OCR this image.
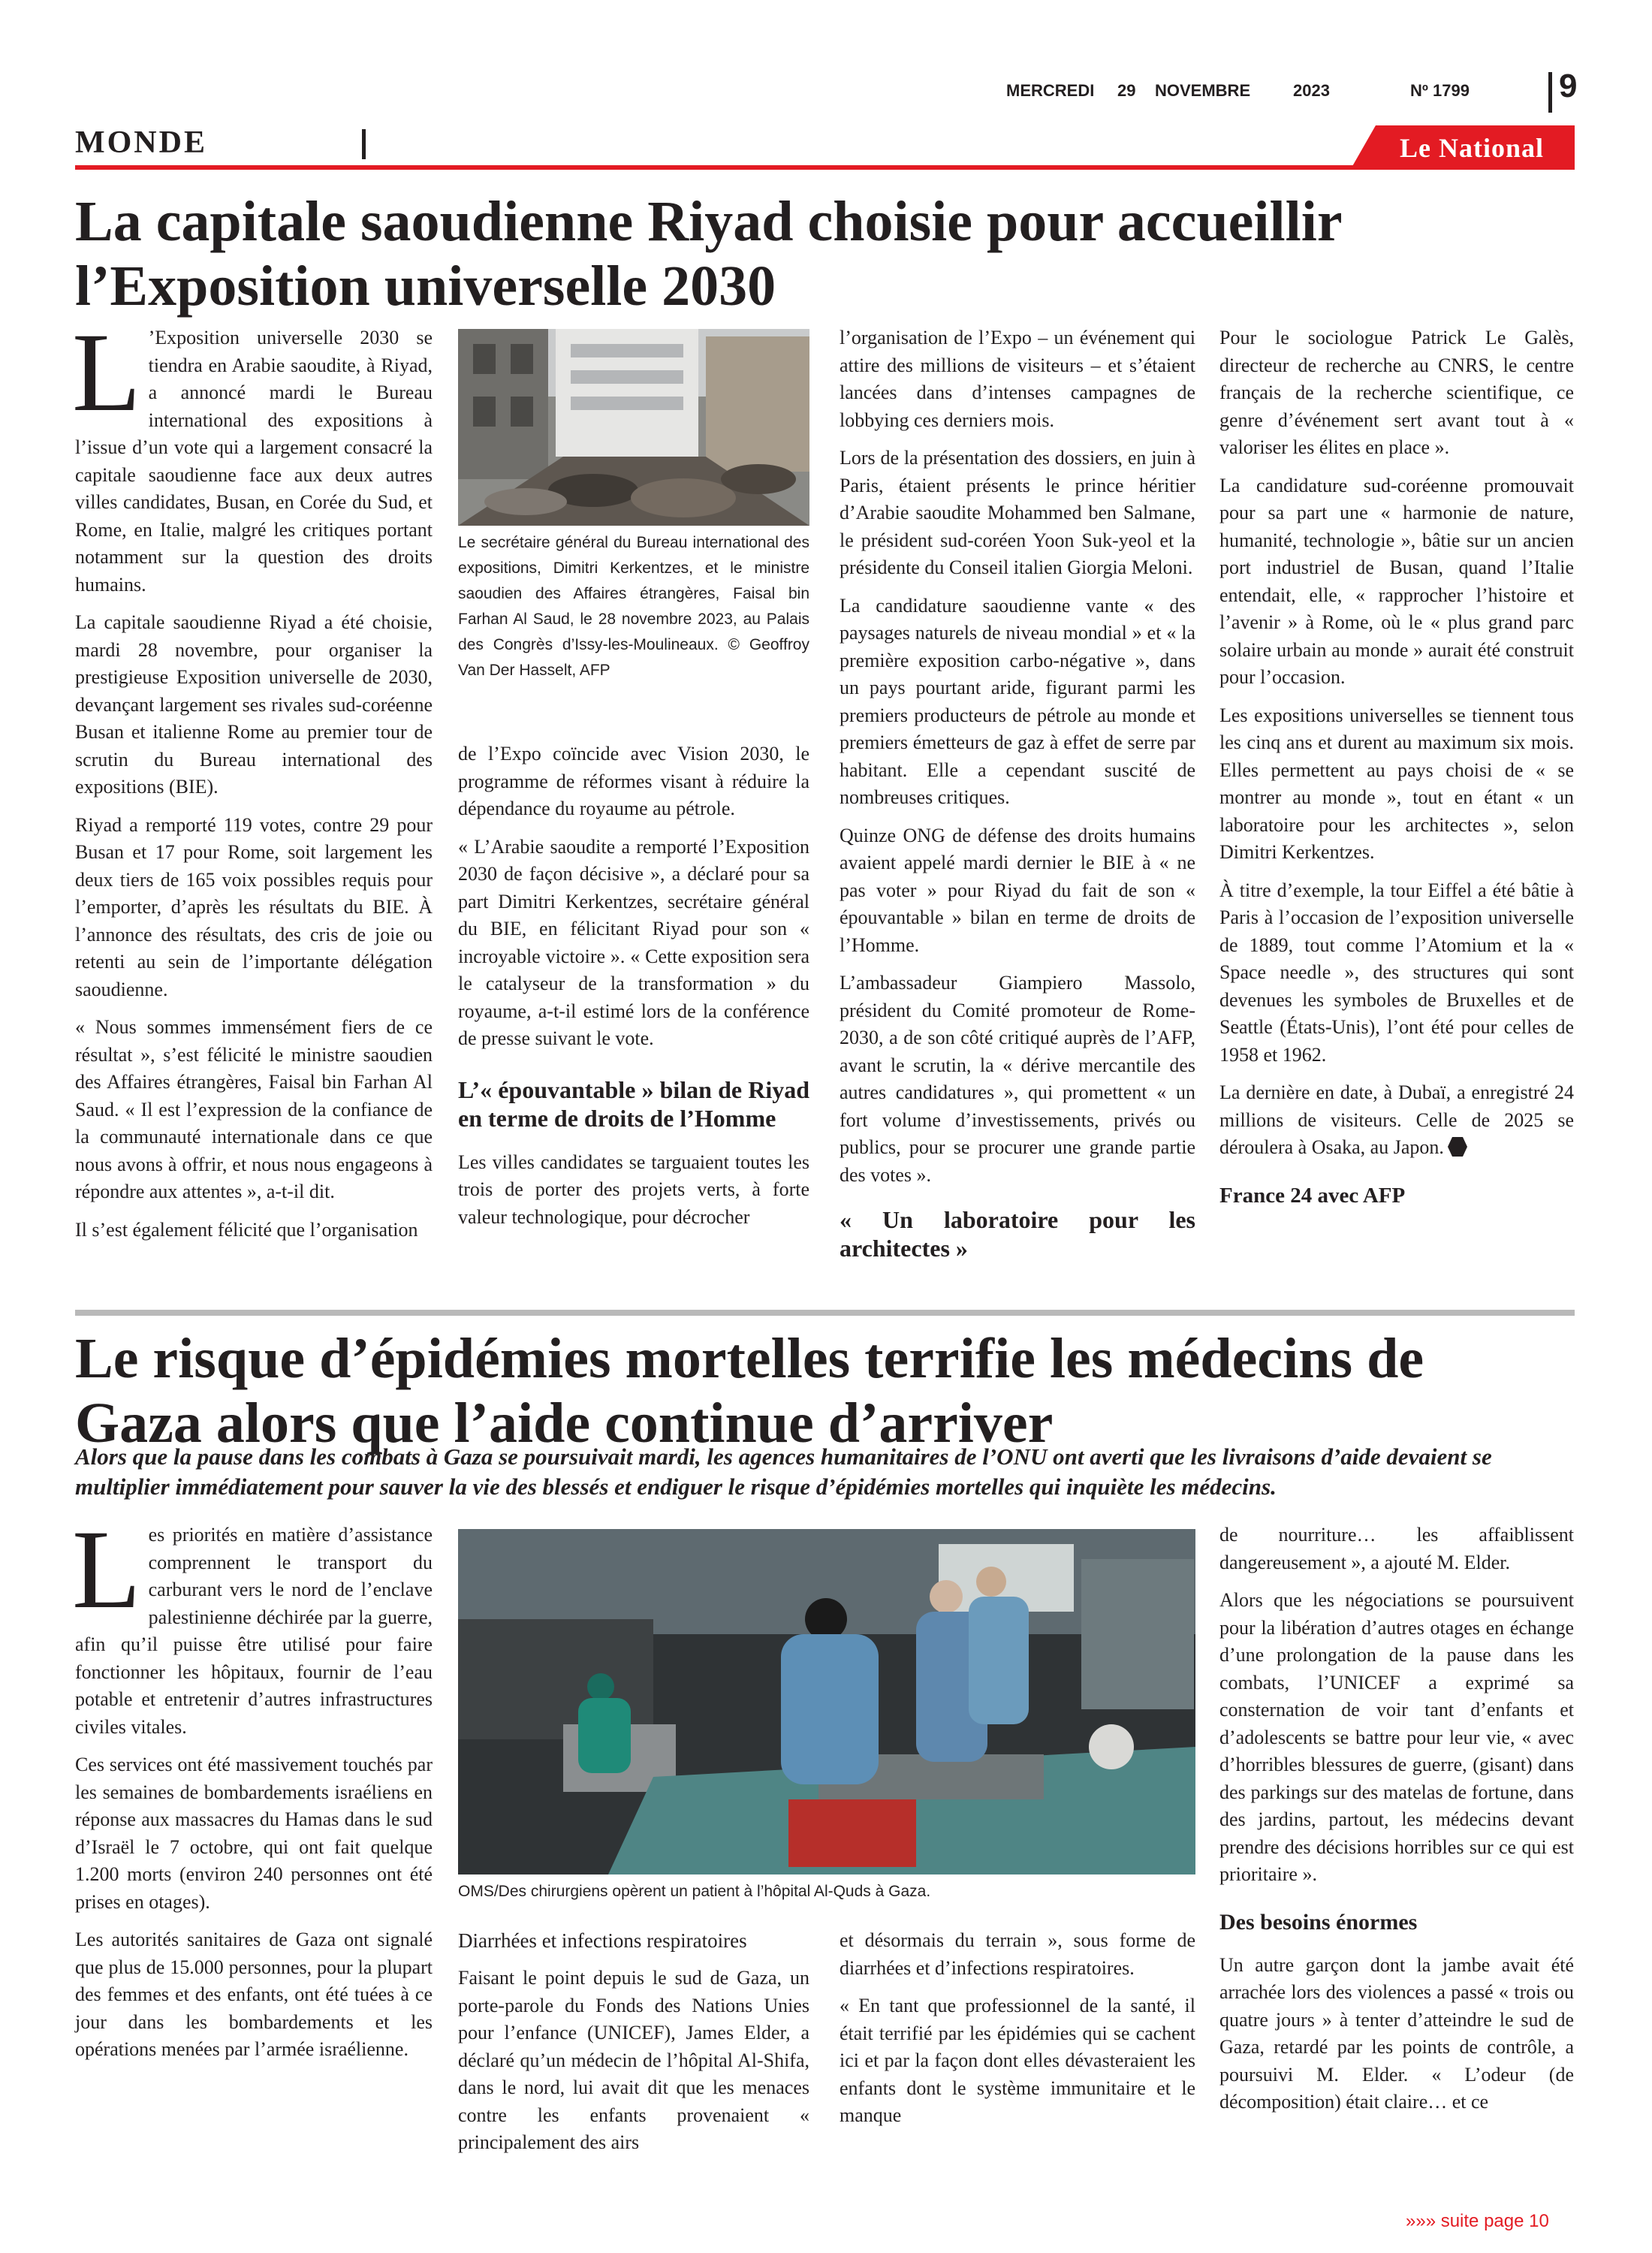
MERCREDI 29 NOVEMBRE	2023	Nº 1799	9
MONDE	Le National
La capitale saoudienne Riyad choisie pour accueillir
l’Exposition universelle 2030

L ’Exposition universelle 2030 se tiendra en Arabie saoudite, à Riyad, a annoncé mardi le Bureau international des expositions à l’issue d’un vote qui a largement consacré la capitale saoudienne face aux deux autres villes candidates, Busan, en Corée du Sud, et Rome, en Italie, malgré les critiques portant notamment sur la question des droits humains.

La capitale saoudienne Riyad a été choisie, mardi 28 novembre, pour organiser la prestigieuse Exposition universelle de 2030, devançant largement ses rivales sud-coréenne Busan et italienne Rome au premier tour de scrutin du Bureau international des expositions (BIE).

Riyad a remporté 119 votes, contre 29 pour Busan et 17 pour Rome, soit largement les deux tiers de 165 voix possibles requis pour l’emporter, d’après les résultats du BIE. À l’annonce des résultats, des cris de joie ou retenti au sein de l’importante délégation saoudienne.

« Nous sommes immensément fiers de ce résultat », s’est félicité le ministre saoudien des Affaires étrangères, Faisal bin Farhan Al Saud. « Il est l’expression de la confiance de la communauté internationale dans ce que nous avons à offrir, et nous nous engageons à répondre aux attentes », a-t-il dit.

Il s’est également félicité que l’organisation

Le secrétaire général du Bureau international des expositions, Dimitri Kerkentzes, et le ministre saoudien des Affaires étrangères, Faisal bin Farhan Al Saud, le 28 novembre 2023, au Palais des Congrès d’Issy-les-Moulineaux. © Geoffroy Van Der Hasselt, AFP

de l’Expo coïncide avec Vision 2030, le programme de réformes visant à réduire la dépendance du royaume au pétrole.

« L’Arabie saoudite a remporté l’Exposition 2030 de façon décisive », a déclaré pour sa part Dimitri Kerkentzes, secrétaire général du BIE, en félicitant Riyad pour son « incroyable victoire ». « Cette exposition sera le catalyseur de la transformation » du royaume, a-t-il estimé lors de la conférence de presse suivant le vote.

L’« épouvantable » bilan de Riyad en terme de droits de l’Homme

Les villes candidates se targuaient toutes les trois de porter des projets verts, à forte valeur technologique, pour décrocher

l’organisation de l’Expo – un événement qui attire des millions de visiteurs – et s’étaient lancées dans d’intenses campagnes de lobbying ces derniers mois.

Lors de la présentation des dossiers, en juin à Paris, étaient présents le prince héritier d’Arabie saoudite Mohammed ben Salmane, le président sud-coréen Yoon Suk-yeol et la présidente du Conseil italien Giorgia Meloni.

La candidature saoudienne vante « des paysages naturels de niveau mondial » et « la première exposition carbo-négative », dans un pays pourtant aride, figurant parmi les premiers producteurs de pétrole au monde et premiers émetteurs de gaz à effet de serre par habitant. Elle a cependant suscité de nombreuses critiques.

Quinze ONG de défense des droits humains avaient appelé mardi dernier le BIE à « ne pas voter » pour Riyad du fait de son « épouvantable » bilan en terme de droits de l’Homme.

L’ambassadeur Giampiero Massolo, président du Comité promoteur de Rome-2030, a de son côté critiqué auprès de l’AFP, avant le scrutin, la « dérive mercantile des autres candidatures », qui promettent « un fort volume d’investissements, privés ou publics, pour se procurer une grande partie des votes ».

« Un laboratoire pour les architectes »

Pour le sociologue Patrick Le Galès, directeur de recherche au CNRS, le centre français de la recherche scientifique, ce genre d’événement sert avant tout à « valoriser les élites en place ».

La candidature sud-coréenne promouvait pour sa part une « harmonie de nature, humanité, technologie », bâtie sur un ancien port industriel de Busan, quand l’Italie entendait, elle, « rapprocher l’histoire et l’avenir » à Rome, où le « plus grand parc solaire urbain au monde » aurait été construit pour l’occasion.

Les expositions universelles se tiennent tous les cinq ans et durent au maximum six mois. Elles permettent au pays choisi de « se montrer au monde », tout en étant « un laboratoire pour les architectes », selon Dimitri Kerkentzes.

À titre d’exemple, la tour Eiffel a été bâtie à Paris à l’occasion de l’exposition universelle de 1889, tout comme l’Atomium et la « Space needle », des structures qui sont devenues les symboles de Bruxelles et de Seattle (États-Unis), l’ont été pour celles de 1958 et 1962.

La dernière en date, à Dubaï, a enregistré 24 millions de visiteurs. Celle de 2025 se déroulera à Osaka, au Japon.

France 24 avec AFP
Le risque d’épidémies mortelles terrifie les médecins de
Gaza alors que l’aide continue d’arriver
Alors que la pause dans les combats à Gaza se poursuivait mardi, les agences humanitaires de l’ONU ont averti que les livraisons d’aide devaient se multiplier immédiatement pour sauver la vie des blessés et endiguer le risque d’épidémies mortelles qui inquiète les médecins.

Les priorités en matière d’assistance comprennent le transport du carburant vers le nord de l’enclave palestinienne déchirée par la guerre, afin qu’il puisse être utilisé pour faire fonctionner les hôpitaux, fournir de l’eau potable et entretenir d’autres infrastructures civiles vitales.

Ces services ont été massivement touchés par les semaines de bombardements israéliens en réponse aux massacres du Hamas dans le sud d’Israël le 7 octobre, qui ont fait quelque 1.200 morts (environ 240 personnes ont été prises en otages).

Les autorités sanitaires de Gaza ont signalé que plus de 15.000 personnes, pour la plupart des femmes et des enfants, ont été tuées à ce jour dans les bombardements et les opérations menées par l’armée israélienne.

OMS/Des chirurgiens opèrent un patient à l’hôpital Al-Quds à Gaza.
Diarrhées et infections respiratoires

Faisant le point depuis le sud de Gaza, un porte-parole du Fonds des Nations Unies pour l’enfance (UNICEF), James Elder, a déclaré qu’un médecin de l’hôpital Al-Shifa, dans le nord, lui avait dit que les menaces contre les enfants provenaient « principalement des airs

et désormais du terrain », sous forme de diarrhées et d’infections respiratoires.

« En tant que professionnel de la santé, il était terrifié par les épidémies qui se cachent ici et par la façon dont elles dévasteraient les enfants dont le système immunitaire et le manque

de nourriture… les affaiblissent dangereusement », a ajouté M. Elder.

Alors que les négociations se poursuivent pour la libération d’autres otages en échange d’une prolongation de la pause dans les combats, l’UNICEF a exprimé sa consternation de voir tant d’enfants et d’adolescents se battre pour leur vie, « avec d’horribles blessures de guerre, (gisant) dans des parkings sur des matelas de fortune, dans des jardins, partout, les médecins devant prendre des décisions horribles sur ce qui est prioritaire ».

Des besoins énormes

Un autre garçon dont la jambe avait été arrachée lors des violences a passé « trois ou quatre jours » à tenter d’atteindre le sud de Gaza, retardé par les points de contrôle, a poursuivi M. Elder. « L’odeur (de décomposition) était claire… et ce

»»» suite page 10
